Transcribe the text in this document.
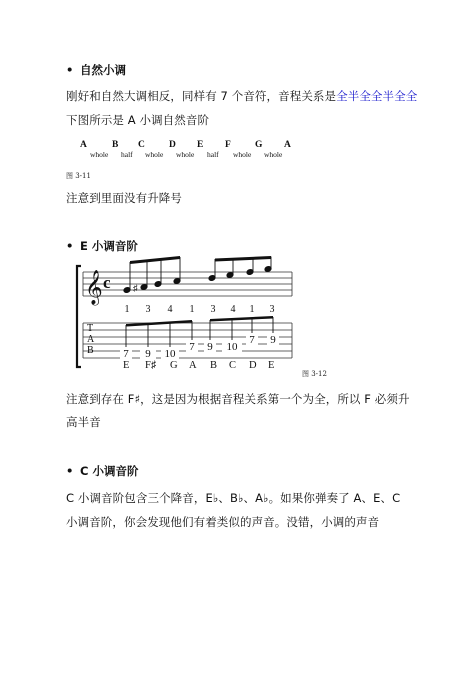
• 自然小调
刚好和自然大调相反，同样有 7 个音符，音程关系是全半全全半全全
下图所示是 A 小调自然音阶
A	B C	D E F	G A
whole half whole whole half whole whole
图 3-11
注意到里面没有升降号
• E 小调音阶
𝄞 c ♯
1 3 4 1 3 4 1 3
T
A
B	7 9 10
7 9 10
7 9
E F♯ G A B C D E
图 3-12
注意到存在 F♯，这是因为根据音程关系第一个为全，所以 F 必须升
高半音
• C 小调音阶
C 小调音阶包含三个降音，E♭、B♭、A♭。如果你弹奏了 A、E、C
小调音阶，你会发现他们有着类似的声音。没错，小调的声音
